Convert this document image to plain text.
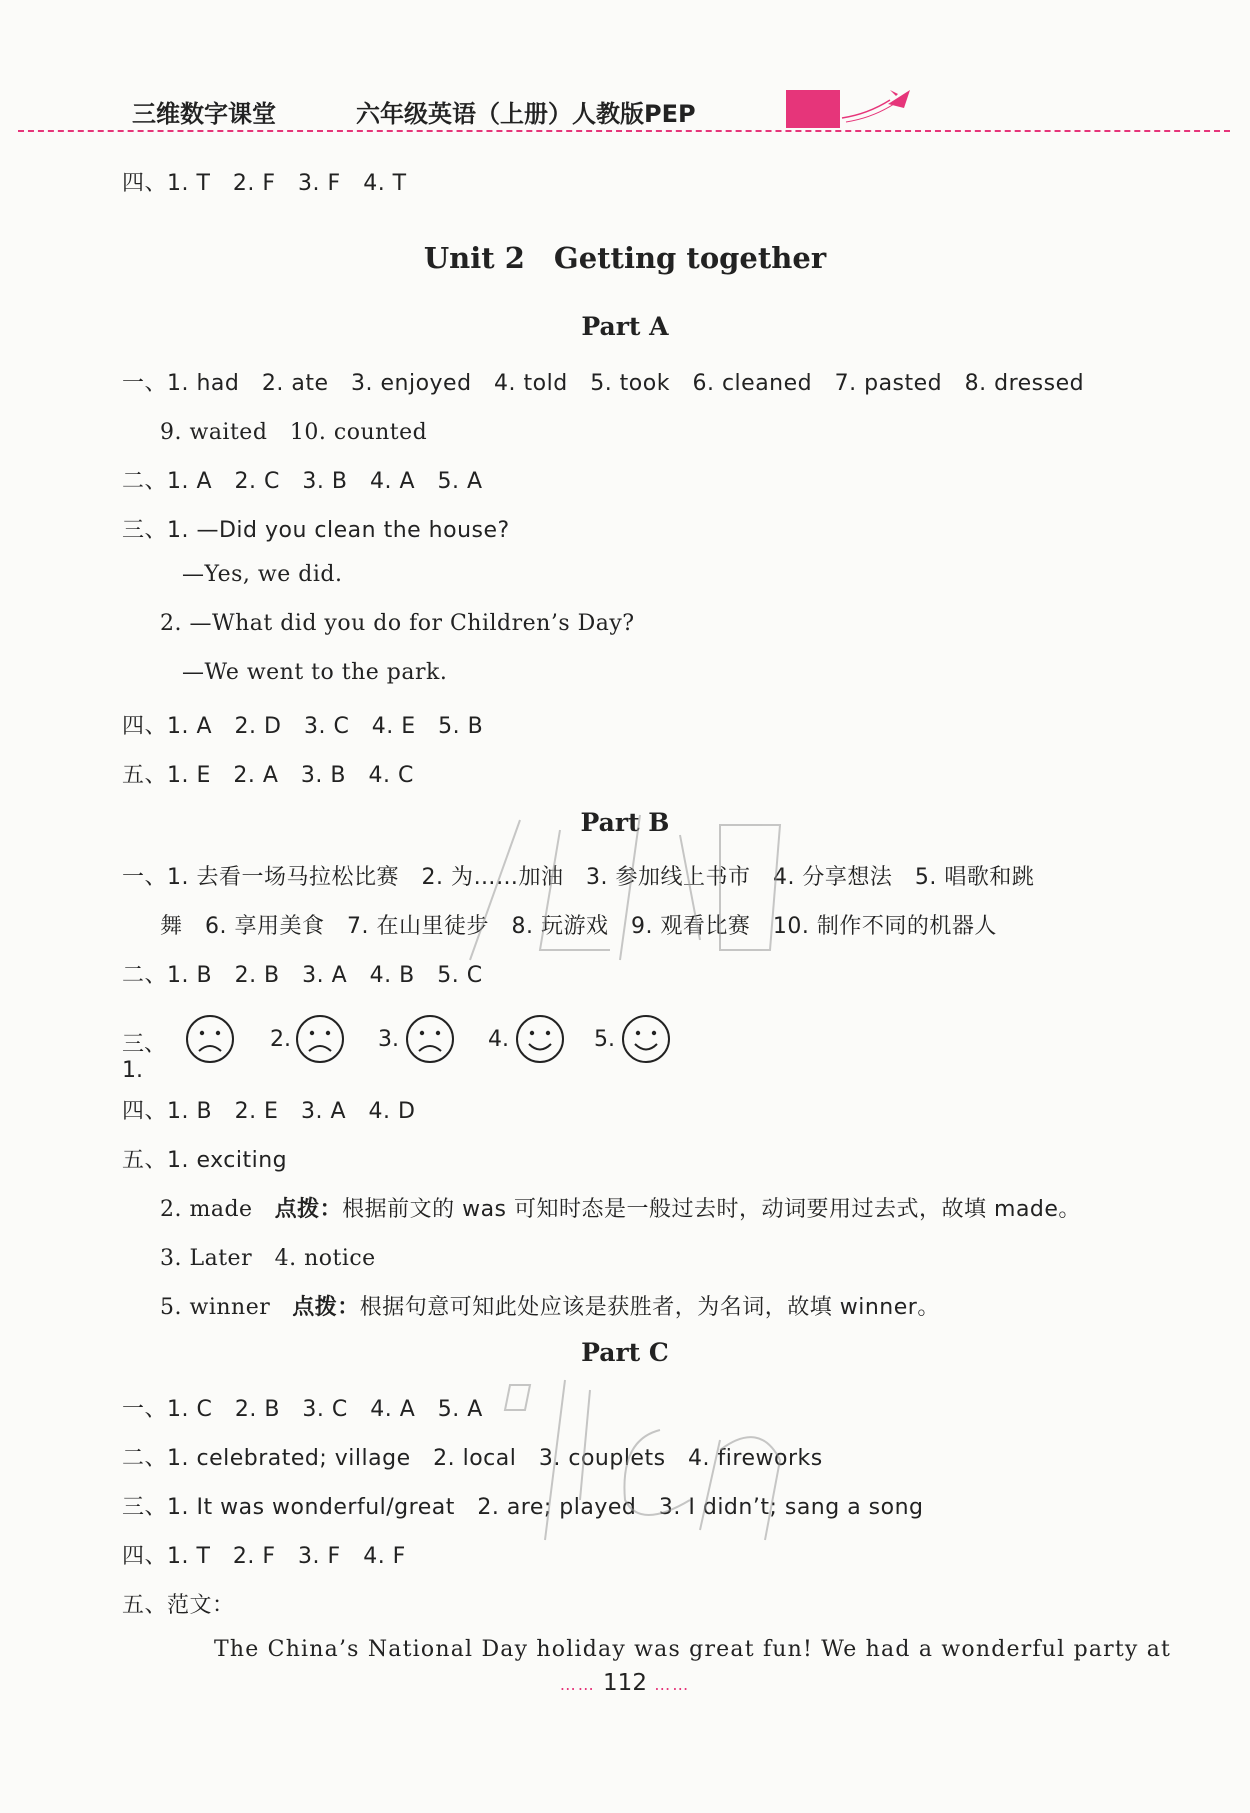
三维数字课堂	六年级英语（上册）人教版PEP
四、1. T　2. F　3. F　4. T
Unit 2　Getting together
Part A
一、1. had　2. ate　3. enjoyed　4. told　5. took　6. cleaned　7. pasted　8. dressed
9. waited　10. counted
二、1. A　2. C　3. B　4. A　5. A
三、1. —Did you clean the house?
—Yes, we did.
2. —What did you do for Children’s Day?
—We went to the park.
四、1. A　2. D　3. C　4. E　5. B
五、1. E　2. A　3. B　4. C
Part B
一、1. 去看一场马拉松比赛　2. 为……加油　3. 参加线上书市　4. 分享想法　5. 唱歌和跳
舞　6. 享用美食　7. 在山里徒步　8. 玩游戏　9. 观看比赛　10. 制作不同的机器人
二、1. B　2. B　3. A　4. B　5. C
三、1.
2.	3.	4.	5.
四、1. B　2. E　3. A　4. D
五、1. exciting
2. made 点拨：根据前文的 was 可知时态是一般过去时，动词要用过去式，故填 made。
3. Later　4. notice
5. winner 点拨：根据句意可知此处应该是获胜者，为名词，故填 winner。
Part C
一、1. C　2. B　3. C　4. A　5. A
二、1. celebrated; village　2. local　3. couplets　4. fireworks
三、1. It was wonderful/great　2. are; played　3. I didn’t; sang a song
四、1. T　2. F　3. F　4. F
五、范文：
The China’s National Day holiday was great fun! We had a wonderful party at
…… 112 ……
